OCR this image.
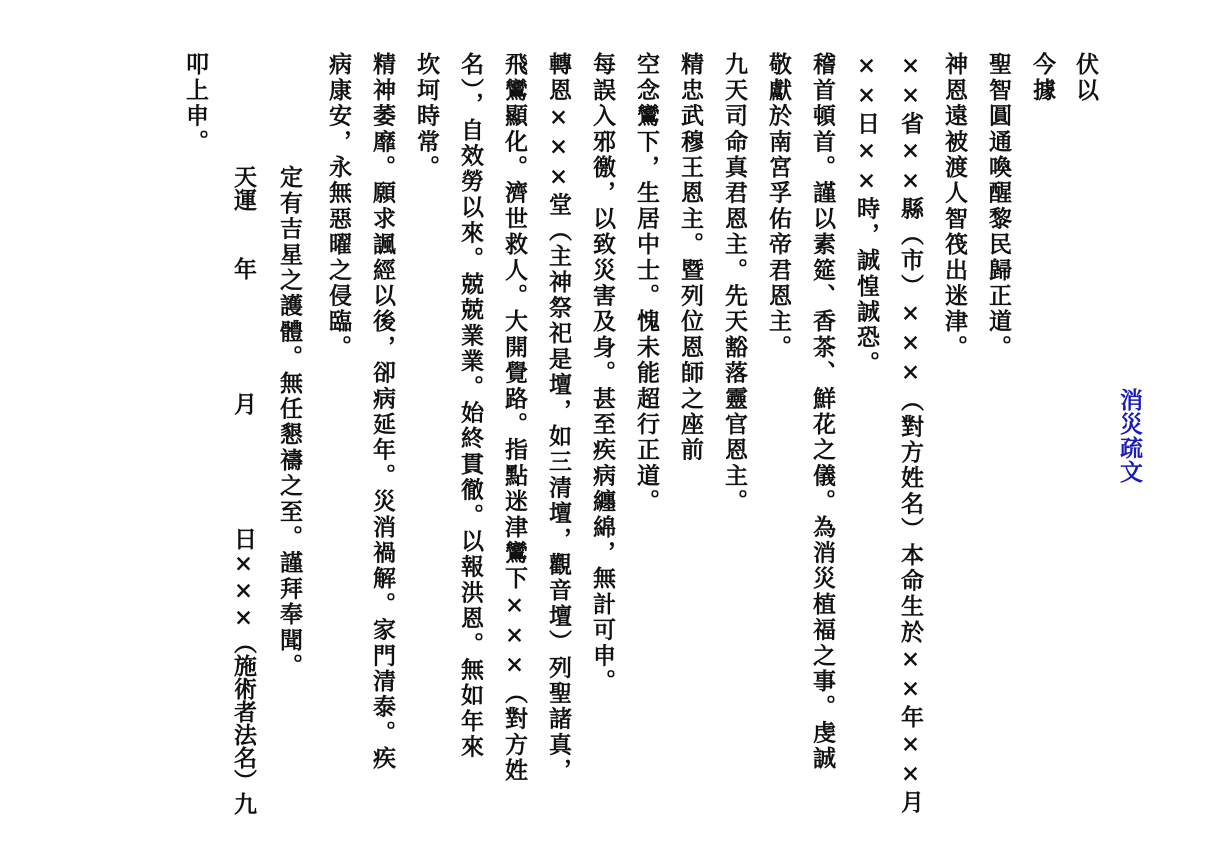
消災疏文
伏以
聖智圓通喚醒黎民歸正道。
神恩遠被渡人智筏出迷津。	今據
××省××縣（市）×××（對方姓名）本命生於××年××月
××日××時，誠惶誠恐。
稽首頓首。謹以素筵、香茶、鮮花之儀。為消災植福之事。虔誠
敬獻於南宮孚佑帝君恩主。
九天司命真君恩主。先天豁落靈官恩主。
精忠武穆王恩主。暨列位恩師之座前
空念鸞下，生居中士。愧未能超行正道。
每誤入邪徼，以致災害及身。甚至疾病纏綿，無計可申。
轉恩×××堂（主神祭祀是壇，如三清壇，觀音壇）列聖諸真，
飛鸞顯化。濟世救人。大開覺路。指點迷津鸞下×××（對方姓
名），自效勞以來。兢兢業業。始終貫徹。以報洪恩。無如年來
坎坷時常。
精神萎靡。願求諷經以後，卻病延年。災消禍解。家門清泰。疾
病康安，永無惡曜之侵臨。
定有吉星之護體。無任懇禱之至。謹拜奉聞。
天運　　年
月
日×××（施術者法名）九
叩上申。
